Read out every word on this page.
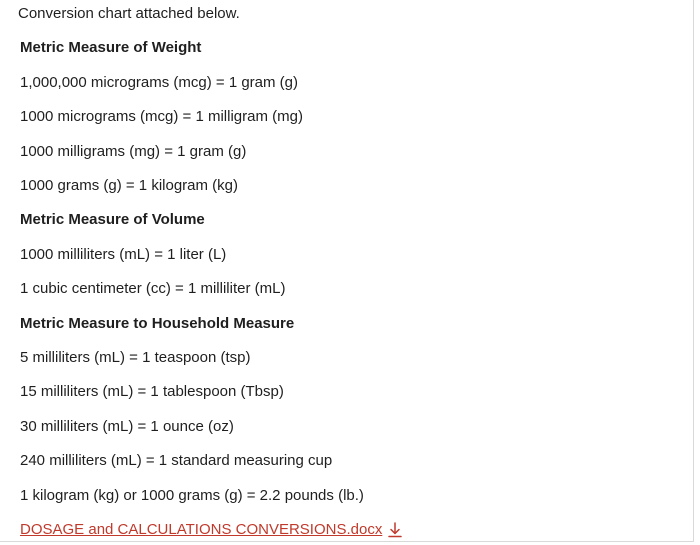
Conversion chart attached below.
Metric Measure of Weight
1,000,000 micrograms (mcg) = 1 gram (g)
1000 micrograms (mcg) = 1 milligram (mg)
1000 milligrams (mg) = 1 gram (g)
1000 grams (g) = 1 kilogram (kg)
Metric Measure of Volume
1000 milliliters (mL) = 1 liter (L)
1 cubic centimeter (cc) = 1 milliliter (mL)
Metric Measure to Household Measure
5 milliliters (mL) = 1 teaspoon (tsp)
15 milliliters (mL) = 1 tablespoon (Tbsp)
30 milliliters (mL) = 1 ounce (oz)
240 milliliters (mL) = 1 standard measuring cup
1 kilogram (kg) or 1000 grams (g) = 2.2 pounds (lb.)
DOSAGE and CALCULATIONS CONVERSIONS.docx
